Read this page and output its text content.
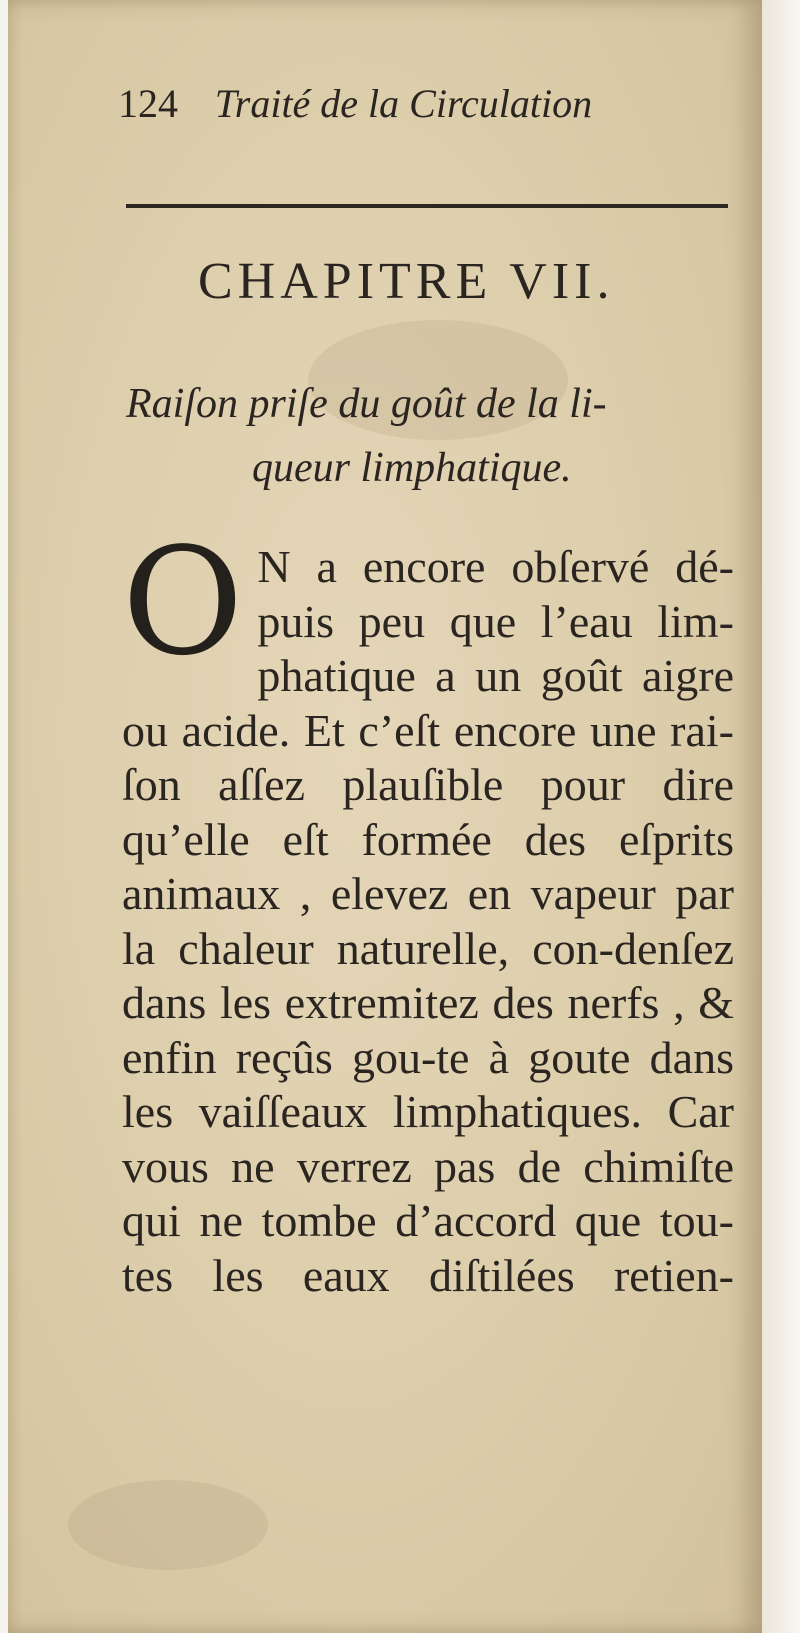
124 Traité de la Circulation
CHAPITRE VII.
Raiſon priſe du goût de la li-
queur limphatique.
O N a encore obſervé dé-puis peu que l’eau lim-phatique a un goût aigre ou acide. Et c’eſt encore une rai-ſon aſſez plauſible pour dire qu’elle eſt formée des eſprits animaux , elevez en vapeur par la chaleur naturelle, con-denſez dans les extremitez des nerfs , & enfin reçûs gou-te à goute dans les vaiſſeaux limphatiques. Car vous ne verrez pas de chimiſte qui ne tombe d’accord que tou-tes les eaux diſtilées retien-
